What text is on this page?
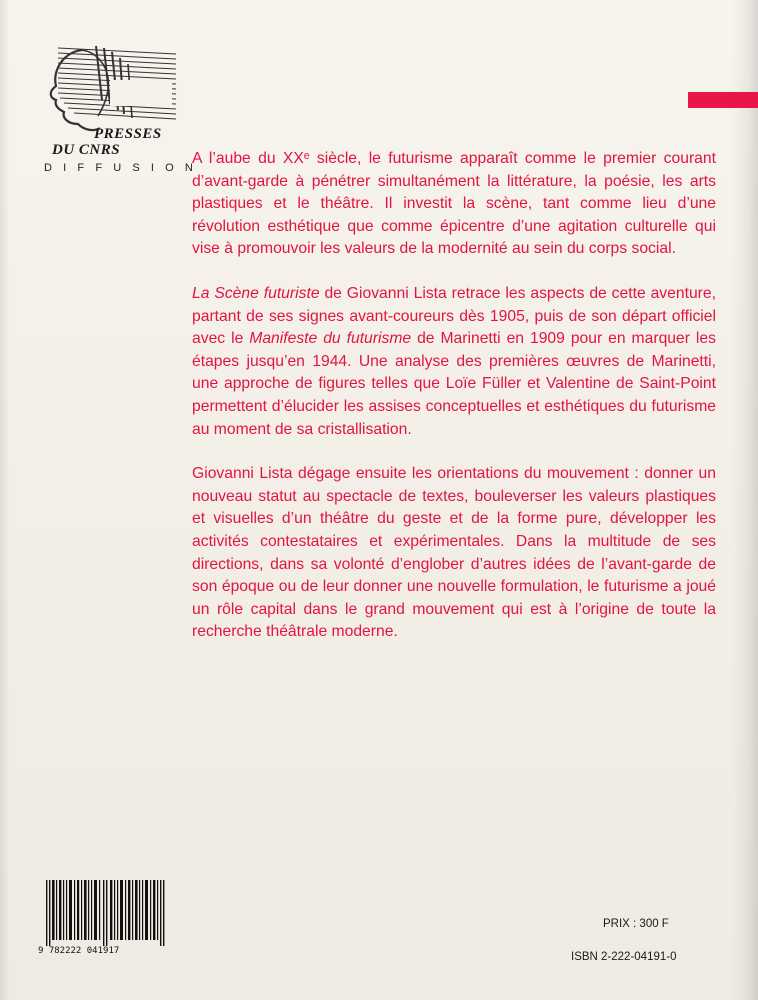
PRESSES
DU CNRS
DIFFUSION

A l’aube du XXᵉ siècle, le futurisme apparaît comme le premier courant d’avant-garde à pénétrer simultanément la littérature, la poésie, les arts plastiques et le théâtre. Il investit la scène, tant comme lieu d’une révolution esthétique que comme épicentre d’une agitation culturelle qui vise à promouvoir les valeurs de la modernité au sein du corps social.

La Scène futuriste de Giovanni Lista retrace les aspects de cette aventure, partant de ses signes avant-coureurs dès 1905, puis de son départ officiel avec le Manifeste du futurisme de Marinetti en 1909 pour en marquer les étapes jusqu’en 1944. Une analyse des premières œuvres de Marinetti, une approche de figures telles que Loïe Füller et Valentine de Saint-Point permettent d’élucider les assises conceptuelles et esthétiques du futurisme au moment de sa cristallisation.

Giovanni Lista dégage ensuite les orientations du mouvement : donner un nouveau statut au spectacle de textes, bouleverser les valeurs plastiques et visuelles d’un théâtre du geste et de la forme pure, développer les activités contestataires et expérimentales. Dans la multitude de ses directions, dans sa volonté d’englober d’autres idées de l’avant-garde de son époque ou de leur donner une nouvelle formulation, le futurisme a joué un rôle capital dans le grand mouvement qui est à l’origine de toute la recherche théâtrale moderne.

9 782222 041917
PRIX : 300 F
ISBN 2-222-04191-0
